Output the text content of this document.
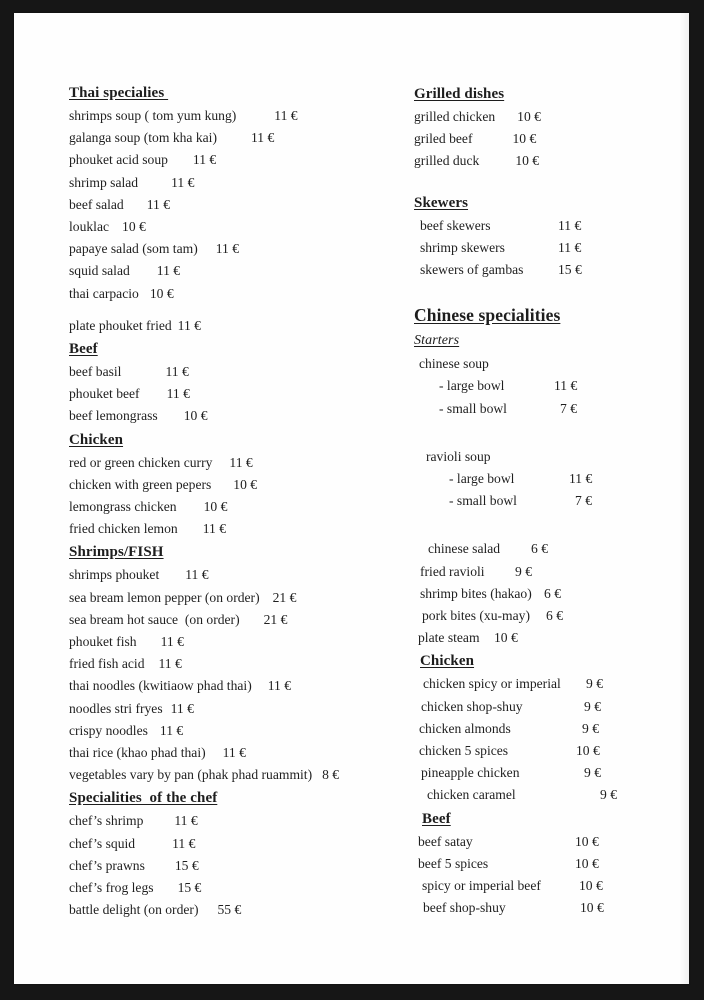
Thai specialies
shrimps soup ( tom yum kung)	11 €
galanga soup (tom kha kai)	11 €
phouket acid soup 11 €
shrimp salad 11 €
beef salad 11 €
louklac 10 €
papaye salad (som tam) 11 €
squid salad 11 €
thai carpacio 10 €
plate phouket fried 11 €
Beef
beef basil	11 €
phouket beef 11 €
beef lemongrass 10 €
Chicken
red or green chicken curry 11 €
chicken with green pepers 10 €
lemongrass chicken 10 €
fried chicken lemon 11 €
Shrimps/FISH
shrimps phouket 11 €
sea bream lemon pepper (on order) 21 €
sea bream hot sauce  (on order) 21 €
phouket fish 11 €
fried fish acid 11 €
thai noodles (kwitiaow phad thai) 11 €
noodles stri fryes 11 €
crispy noodles 11 €
thai rice (khao phad thai) 11 €
vegetables vary by pan (phak phad ruammit) 8 €
Specialities  of the chef
chef’s shrimp 11 €
chef’s squid	11 €
chef’s prawns 15 €
chef’s frog legs 15 €
battle delight (on order) 55 €
Grilled dishes
grilled chicken 10 €
griled beef	10 €
grilled duck	10 €
Skewers
beef skewers	11 €
shrimp skewers	11 €
skewers of gambas	15 €
Chinese specialities
Starters
chinese soup
- large bowl	11 €
- small bowl	7 €
ravioli soup
- large bowl	11 €
- small bowl	7 €
chinese salad 6 €
fried ravioli 9 €
shrimp bites (hakao) 6 €
pork bites (xu-may) 6 €
plate steam 10 €
Chicken
chicken spicy or imperial 9 €
chicken shop-shuy	9 €
chicken almonds	9 €
chicken 5 spices	10 €
pineapple chicken	9 €
chicken caramel	9 €
Beef
beef satay	10 €
beef 5 spices	10 €
spicy or imperial beef	10 €
beef shop-shuy	10 €
